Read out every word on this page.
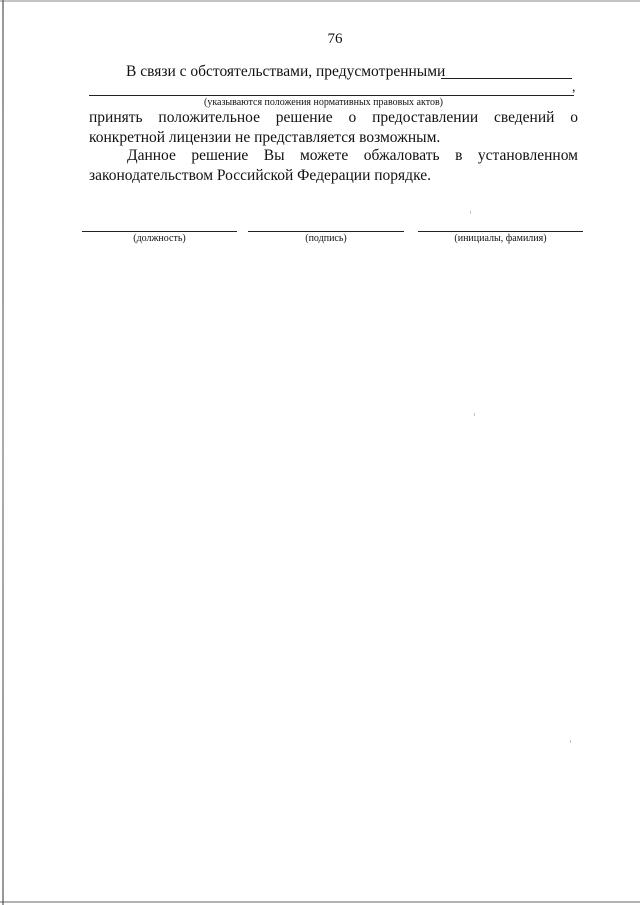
76
В связи с обстоятельствами, предусмотренными
,
(указываются положения нормативных правовых актов)
принять положительное решение о предоставлении сведений о конкретной лицензии не представляется возможным.
Данное решение Вы можете обжаловать в установленном законодательством Российской Федерации порядке.
(должность)	(подпись)	(инициалы, фамилия)
